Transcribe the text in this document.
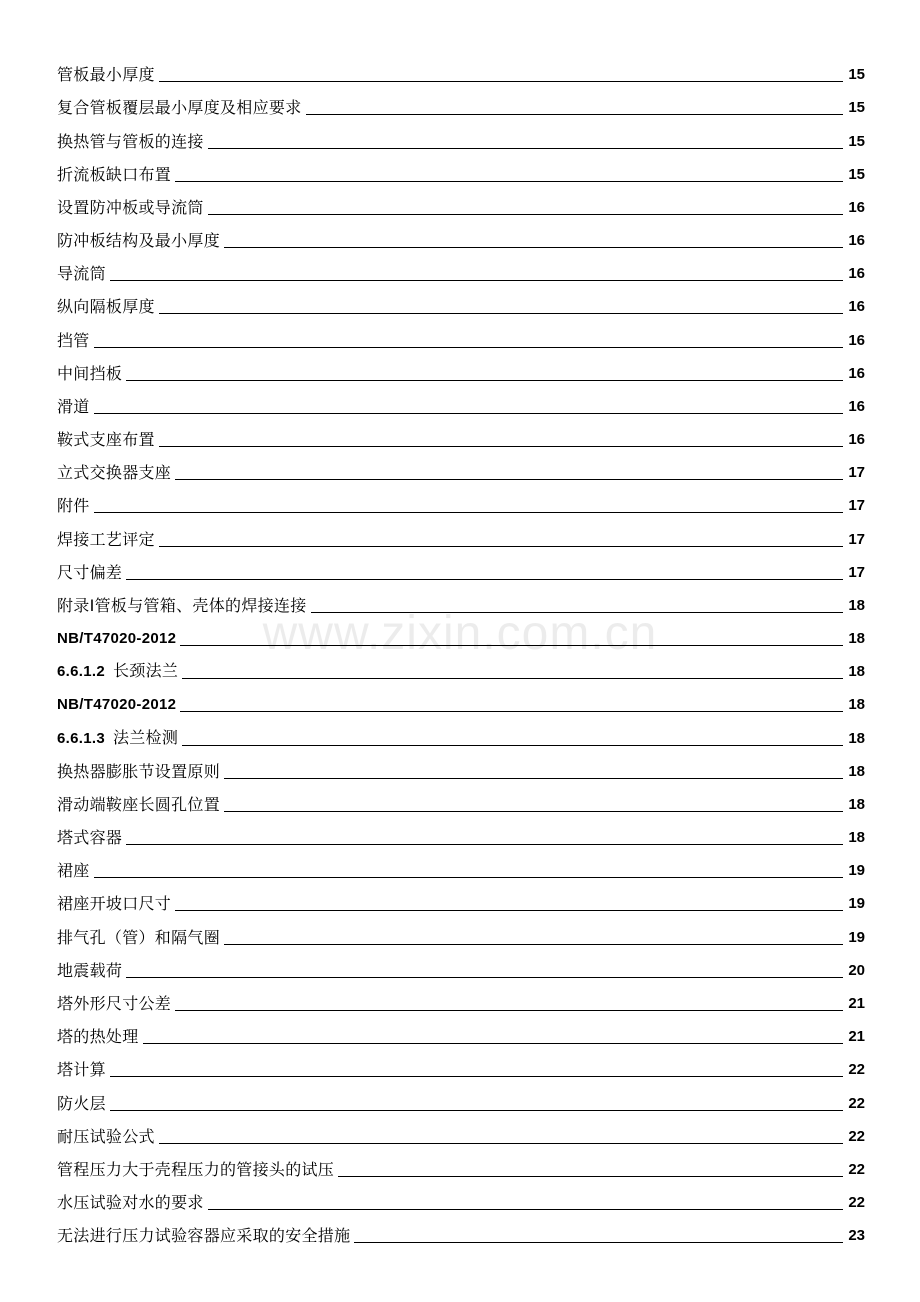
管板最小厚度	15
复合管板覆层最小厚度及相应要求	15
换热管与管板的连接	15
折流板缺口布置	15
设置防冲板或导流筒	16
防冲板结构及最小厚度	16
导流筒	16
纵向隔板厚度	16
挡管	16
中间挡板	16
滑道	16
鞍式支座布置	16
立式交换器支座	17
附件	17
焊接工艺评定	17
尺寸偏差	17
附录Ⅰ管板与管箱、壳体的焊接连接	18
NB/T47020-2012	18
6.6.1.2 长颈法兰	18
NB/T47020-2012	18
6.6.1.3 法兰检测	18
换热器膨胀节设置原则	18
滑动端鞍座长圆孔位置	18
塔式容器	18
裙座	19
裙座开坡口尺寸	19
排气孔（管）和隔气圈	19
地震载荷	20
塔外形尺寸公差	21
塔的热处理	21
塔计算	22
防火层	22
耐压试验公式	22
管程压力大于壳程压力的管接头的试压	22
水压试验对水的要求	22
无法进行压力试验容器应采取的安全措施	23
www.zixin.com.cn
